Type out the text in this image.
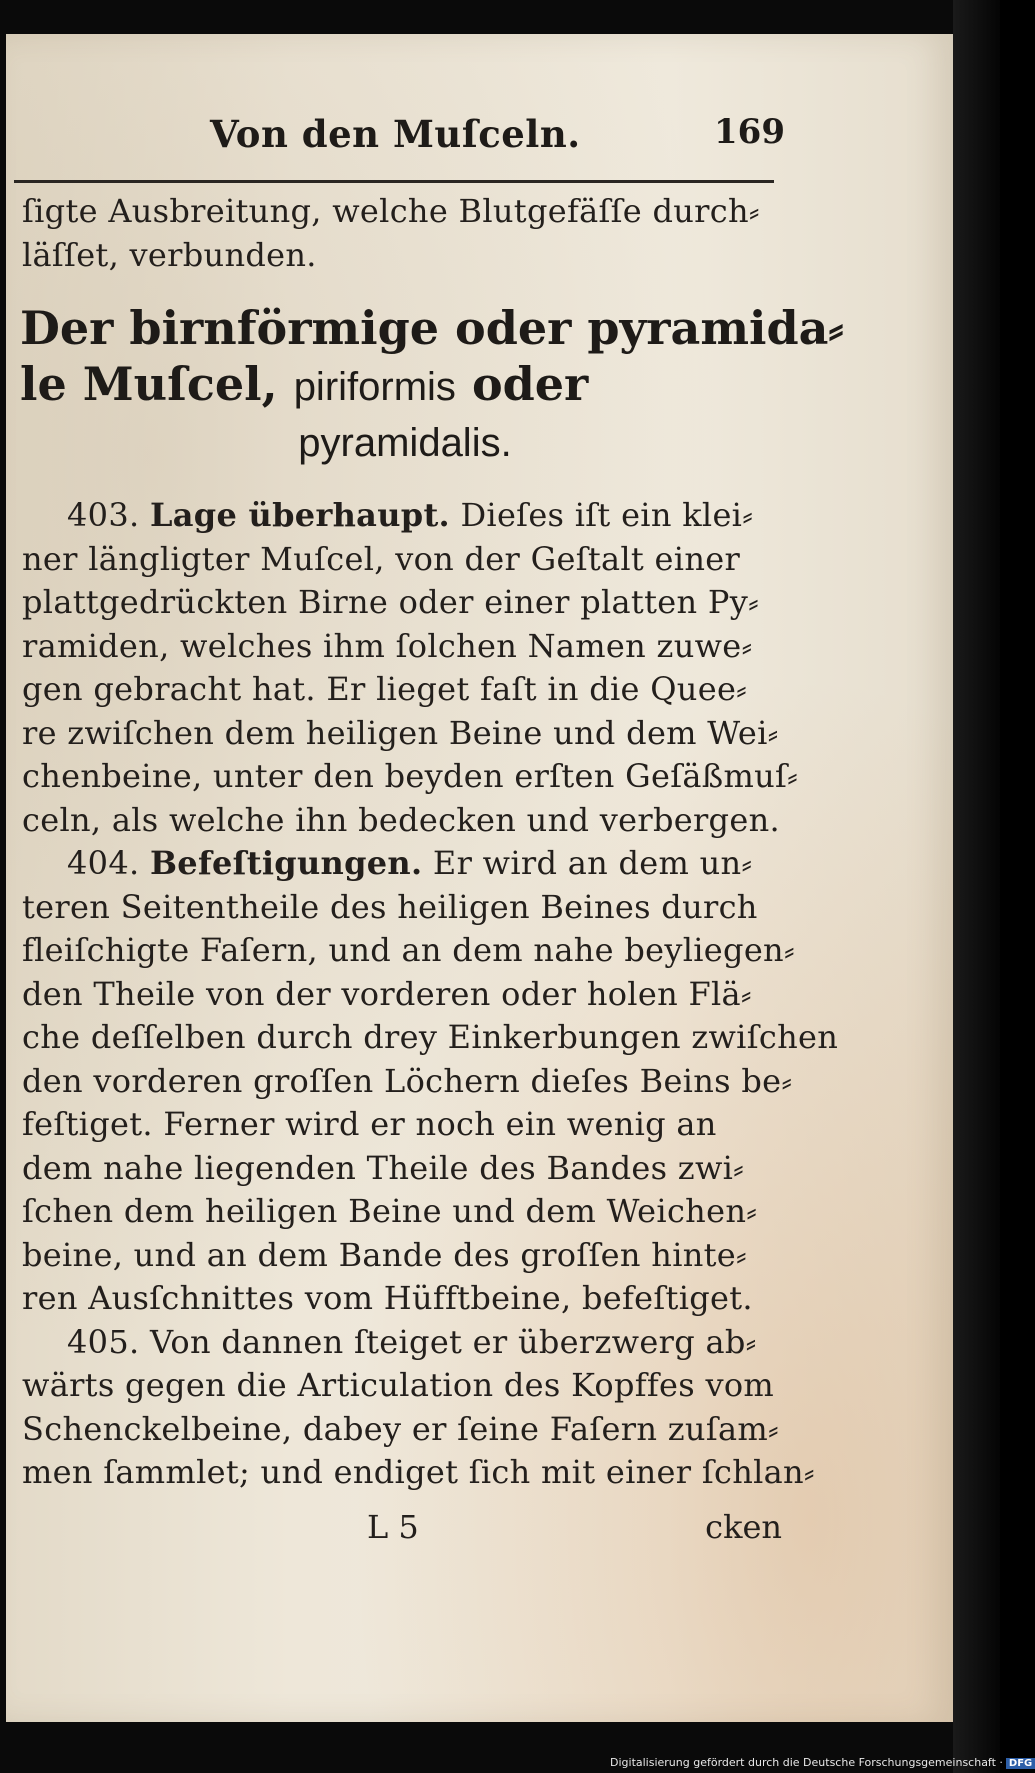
Von den Muſceln.	169
ſigte Ausbreitung, welche Blutgefäſſe durch⸗
läſſet, verbunden.
Der birnförmige oder pyramida⸗
le Muſcel, piriformis oder
pyramidalis.
403. Lage überhaupt. Dieſes iſt ein klei⸗
ner längligter Muſcel, von der Geſtalt einer
plattgedrückten Birne oder einer platten Py⸗
ramiden, welches ihm ſolchen Namen zuwe⸗
gen gebracht hat. Er lieget faſt in die Quee⸗
re zwiſchen dem heiligen Beine und dem Wei⸗
chenbeine, unter den beyden erſten Geſäßmuſ⸗
celn, als welche ihn bedecken und verbergen.
404. Befeſtigungen. Er wird an dem un⸗
teren Seitentheile des heiligen Beines durch
fleiſchigte Faſern, und an dem nahe beyliegen⸗
den Theile von der vorderen oder holen Flä⸗
che deſſelben durch drey Einkerbungen zwiſchen
den vorderen groſſen Löchern dieſes Beins be⸗
feſtiget. Ferner wird er noch ein wenig an
dem nahe liegenden Theile des Bandes zwi⸗
ſchen dem heiligen Beine und dem Weichen⸗
beine, und an dem Bande des groſſen hinte⸗
ren Ausſchnittes vom Hüfftbeine, befeſtiget.
405. Von dannen ſteiget er überzwerg ab⸗
wärts gegen die Articulation des Kopffes vom
Schenckelbeine, dabey er ſeine Faſern zuſam⸗
men ſammlet; und endiget ſich mit einer ſchlan⸗
L 5	cken
Digitalisierung gefördert durch die Deutsche Forschungsgemeinschaft · DFG
